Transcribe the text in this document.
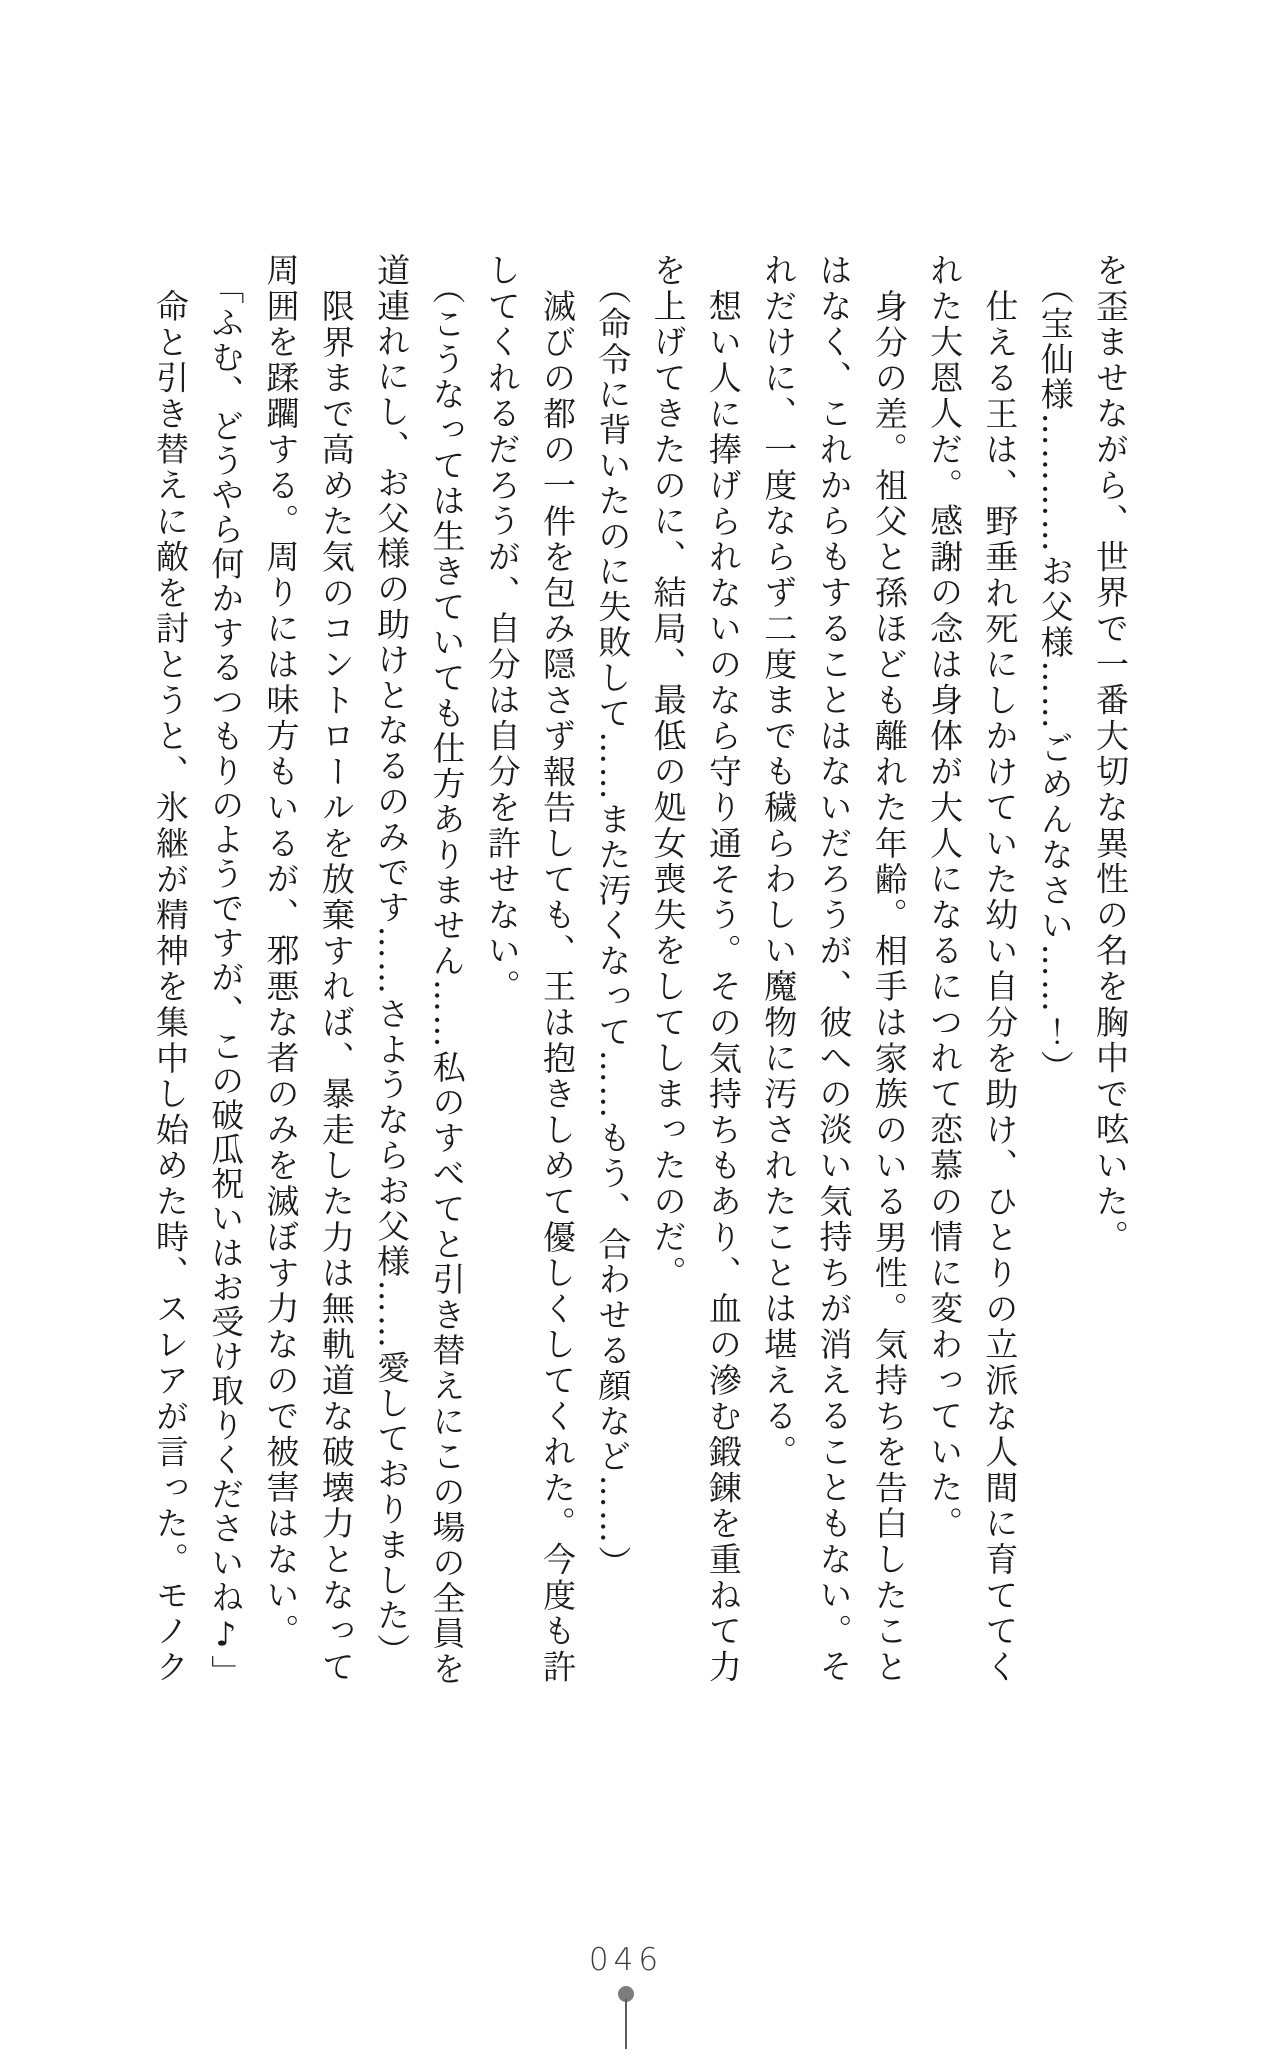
を歪ませながら、世界で一番大切な異性の名を胸中で呟いた。

（宝仙様…………お父様……ごめんなさい……！）

仕える王は、野垂れ死にしかけていた幼い自分を助け、ひとりの立派な人間に育ててくれた大恩人だ。感謝の念は身体が大人になるにつれて恋慕の情に変わっていた。

身分の差。祖父と孫ほども離れた年齢。相手は家族のいる男性。気持ちを告白したことはなく、これからもすることはないだろうが、彼への淡い気持ちが消えることもない。それだけに、一度ならず二度までも穢らわしい魔物に汚されたことは堪える。

想い人に捧げられないのなら守り通そう。その気持ちもあり、血の滲む鍛錬を重ねて力を上げてきたのに、結局、最低の処女喪失をしてしまったのだ。

（命令に背いたのに失敗して……また汚くなって……もう、合わせる顔など……）

滅びの都の一件を包み隠さず報告しても、王は抱きしめて優しくしてくれた。今度も許してくれるだろうが、自分は自分を許せない。

（こうなっては生きていても仕方ありません……私のすべてと引き替えにこの場の全員を道連れにし、お父様の助けとなるのみです……さようならお父様……愛しておりました）

限界まで高めた気のコントロールを放棄すれば、暴走した力は無軌道な破壊力となって周囲を蹂躙する。周りには味方もいるが、邪悪な者のみを滅ぼす力なので被害はない。

「ふむ、どうやら何かするつもりのようですが、この破瓜祝いはお受け取りくださいね♪」

命と引き替えに敵を討とうと、氷継が精神を集中し始めた時、スレアが言った。モノク

046
